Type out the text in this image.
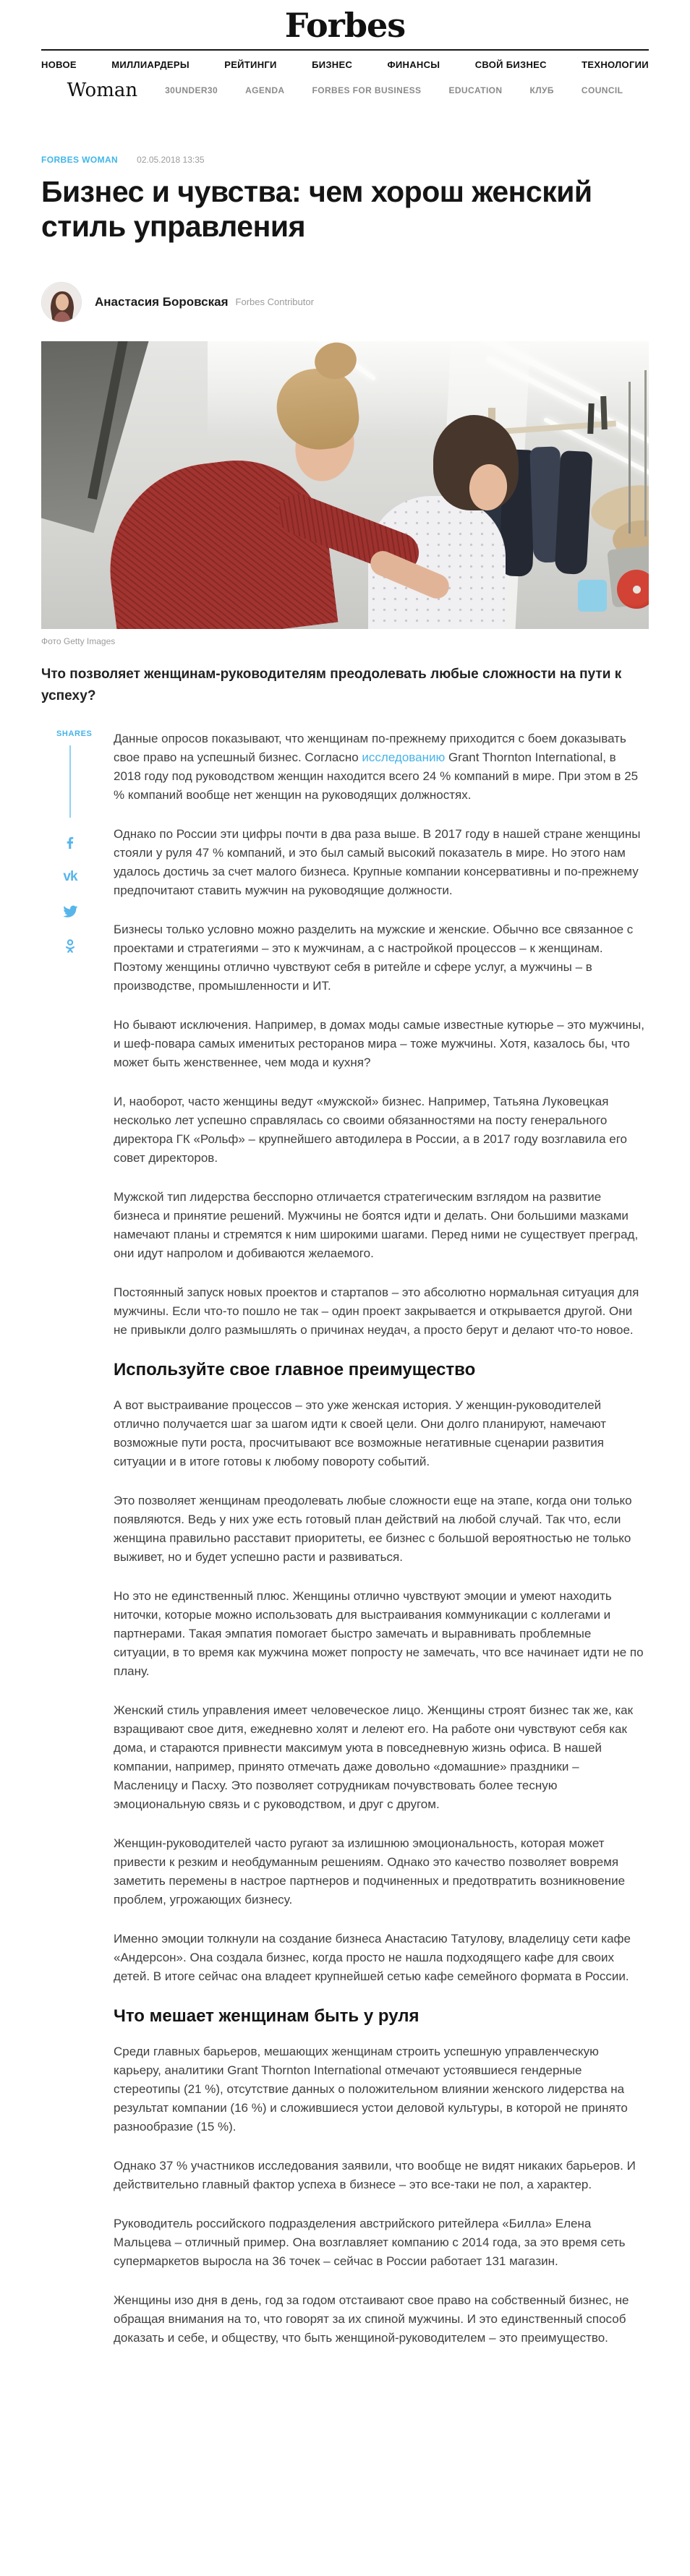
Forbes
НОВОЕ	МИЛЛИАРДЕРЫ	РЕЙТИНГИ	БИЗНЕС	ФИНАНСЫ	СВОЙ БИЗНЕС	ТЕХНОЛОГИИ
Woman	30UNDER30	AGENDA	FORBES FOR BUSINESS	EDUCATION	КЛУБ	COUNCIL
FORBES WOMAN 02.05.2018 13:35
Бизнес и чувства: чем хорош женский стиль управления
Анастасия Боровская Forbes Contributor
Фото Getty Images

Что позволяет женщинам-руководителям преодолевать любые сложности на пути к успеху?

SHARES
vk

Данные опросов показывают, что женщинам по-прежнему приходится с боем доказывать свое право на успешный бизнес. Согласно исследованию Grant Thornton International, в 2018 году под руководством женщин находится всего 24 % компаний в мире. При этом в 25 % компаний вообще нет женщин на руководящих должностях.

Однако по России эти цифры почти в два раза выше. В 2017 году в нашей стране женщины стояли у руля 47 % компаний, и это был самый высокий показатель в мире. Но этого нам удалось достичь за счет малого бизнеса. Крупные компании консервативны и по-прежнему предпочитают ставить мужчин на руководящие должности.

Бизнесы только условно можно разделить на мужские и женские. Обычно все связанное с проектами и стратегиями – это к мужчинам, а с настройкой процессов – к женщинам. Поэтому женщины отлично чувствуют себя в ритейле и сфере услуг, а мужчины – в производстве, промышленности и ИТ.

Но бывают исключения. Например, в домах моды самые известные кутюрье – это мужчины, и шеф-повара самых именитых ресторанов мира – тоже мужчины. Хотя, казалось бы, что может быть женственнее, чем мода и кухня?

И, наоборот, часто женщины ведут «мужской» бизнес. Например, Татьяна Луковецкая несколько лет успешно справлялась со своими обязанностями на посту генерального директора ГК «Рольф» – крупнейшего автодилера в России, а в 2017 году возглавила его совет директоров.

Мужской тип лидерства бесспорно отличается стратегическим взглядом на развитие бизнеса и принятие решений. Мужчины не боятся идти и делать. Они большими мазками намечают планы и стремятся к ним широкими шагами. Перед ними не существует преград, они идут напролом и добиваются желаемого.

Постоянный запуск новых проектов и стартапов – это абсолютно нормальная ситуация для мужчины. Если что-то пошло не так – один проект закрывается и открывается другой. Они не привыкли долго размышлять о причинах неудач, а просто берут и делают что-то новое.

Используйте свое главное преимущество

А вот выстраивание процессов – это уже женская история. У женщин-руководителей отлично получается шаг за шагом идти к своей цели. Они долго планируют, намечают возможные пути роста, просчитывают все возможные негативные сценарии развития ситуации и в итоге готовы к любому повороту событий.

Это позволяет женщинам преодолевать любые сложности еще на этапе, когда они только появляются. Ведь у них уже есть готовый план действий на любой случай. Так что, если женщина правильно расставит приоритеты, ее бизнес с большой вероятностью не только выживет, но и будет успешно расти и развиваться.

Но это не единственный плюс. Женщины отлично чувствуют эмоции и умеют находить ниточки, которые можно использовать для выстраивания коммуникации с коллегами и партнерами. Такая эмпатия помогает быстро замечать и выравнивать проблемные ситуации, в то время как мужчина может попросту не замечать, что все начинает идти не по плану.

Женский стиль управления имеет человеческое лицо. Женщины строят бизнес так же, как взращивают свое дитя, ежедневно холят и лелеют его. На работе они чувствуют себя как дома, и стараются привнести максимум уюта в повседневную жизнь офиса. В нашей компании, например, принято отмечать даже довольно «домашние» праздники – Масленицу и Пасху. Это позволяет сотрудникам почувствовать более тесную эмоциональную связь и с руководством, и друг с другом.

Женщин-руководителей часто ругают за излишнюю эмоциональность, которая может привести к резким и необдуманным решениям. Однако это качество позволяет вовремя заметить перемены в настрое партнеров и подчиненных и предотвратить возникновение проблем, угрожающих бизнесу.

Именно эмоции толкнули на создание бизнеса Анастасию Татулову, владелицу сети кафе «Андерсон». Она создала бизнес, когда просто не нашла подходящего кафе для своих детей. В итоге сейчас она владеет крупнейшей сетью кафе семейного формата в России.

Что мешает женщинам быть у руля

Среди главных барьеров, мешающих женщинам строить успешную управленческую карьеру, аналитики Grant Thornton International отмечают устоявшиеся гендерные стереотипы (21 %), отсутствие данных о положительном влиянии женского лидерства на результат компании (16 %) и сложившиеся устои деловой культуры, в которой не принято разнообразие (15 %).

Однако 37 % участников исследования заявили, что вообще не видят никаких барьеров. И действительно главный фактор успеха в бизнесе – это все-таки не пол, а характер.

Руководитель российского подразделения австрийского ритейлера «Билла» Елена Мальцева – отличный пример. Она возглавляет компанию с 2014 года, за это время сеть супермаркетов выросла на 36 точек – сейчас в России работает 131 магазин.

Женщины изо дня в день, год за годом отстаивают свое право на собственный бизнес, не обращая внимания на то, что говорят за их спиной мужчины. И это единственный способ доказать и себе, и обществу, что быть женщиной-руководителем – это преимущество.
